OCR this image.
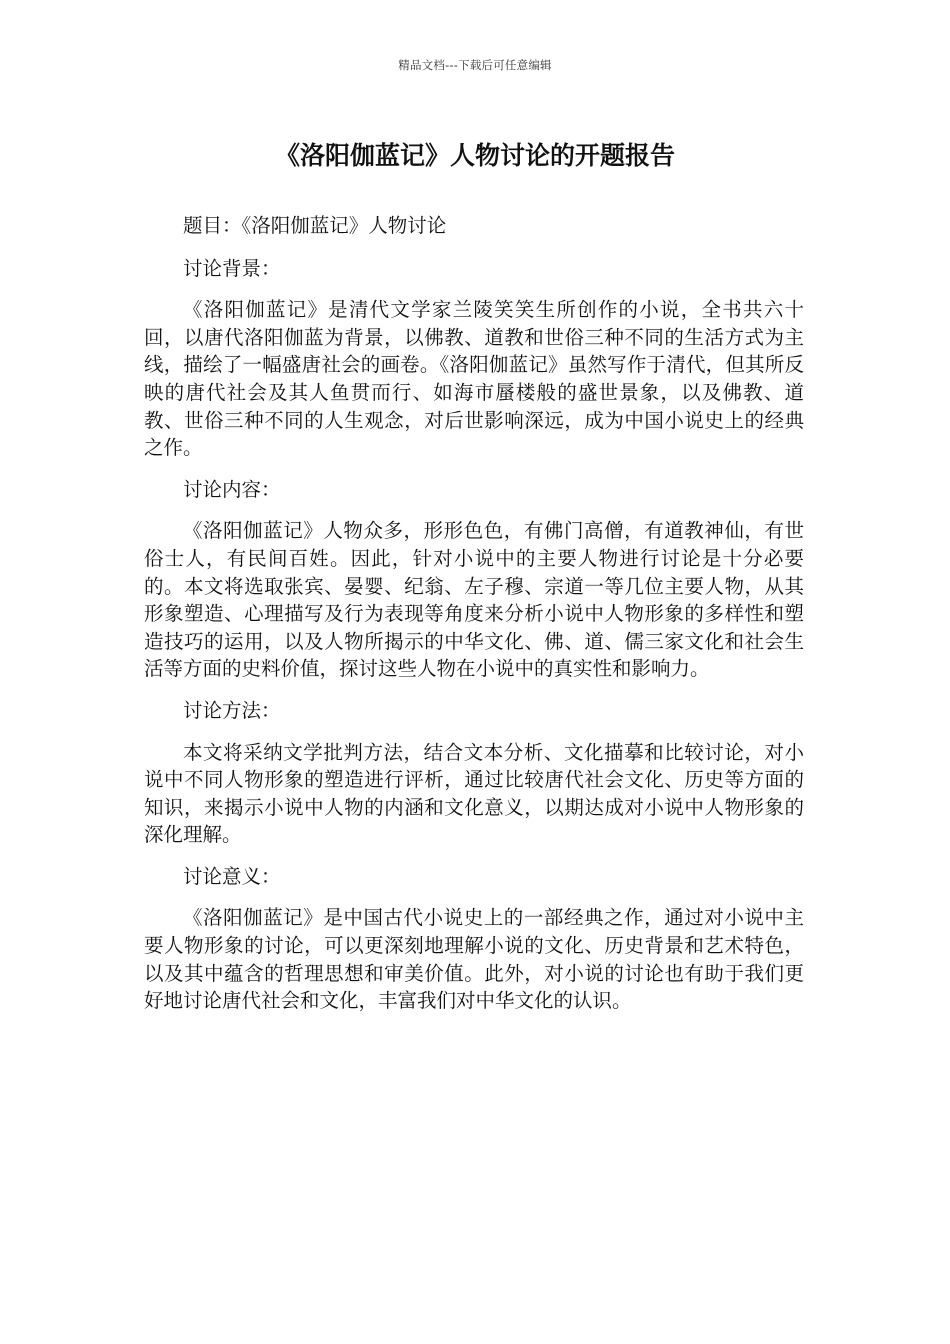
精品文档---下载后可任意编辑
《洛阳伽蓝记》人物讨论的开题报告

题目：《洛阳伽蓝记》人物讨论

讨论背景：

《洛阳伽蓝记》是清代文学家兰陵笑笑生所创作的小说，全书共六十回，以唐代洛阳伽蓝为背景，以佛教、道教和世俗三种不同的生活方式为主线，描绘了一幅盛唐社会的画卷。《洛阳伽蓝记》虽然写作于清代，但其所反映的唐代社会及其人鱼贯而行、如海市蜃楼般的盛世景象，以及佛教、道教、世俗三种不同的人生观念，对后世影响深远，成为中国小说史上的经典之作。

讨论内容：

《洛阳伽蓝记》人物众多，形形色色，有佛门高僧，有道教神仙，有世俗士人，有民间百姓。因此，针对小说中的主要人物进行讨论是十分必要的。本文将选取张宾、晏婴、纪翁、左子穆、宗道一等几位主要人物，从其形象塑造、心理描写及行为表现等角度来分析小说中人物形象的多样性和塑造技巧的运用，以及人物所揭示的中华文化、佛、道、儒三家文化和社会生活等方面的史料价值，探讨这些人物在小说中的真实性和影响力。

讨论方法：

本文将采纳文学批判方法，结合文本分析、文化描摹和比较讨论，对小说中不同人物形象的塑造进行评析，通过比较唐代社会文化、历史等方面的知识，来揭示小说中人物的内涵和文化意义，以期达成对小说中人物形象的深化理解。

讨论意义：

《洛阳伽蓝记》是中国古代小说史上的一部经典之作，通过对小说中主要人物形象的讨论，可以更深刻地理解小说的文化、历史背景和艺术特色，以及其中蕴含的哲理思想和审美价值。此外，对小说的讨论也有助于我们更好地讨论唐代社会和文化，丰富我们对中华文化的认识。
